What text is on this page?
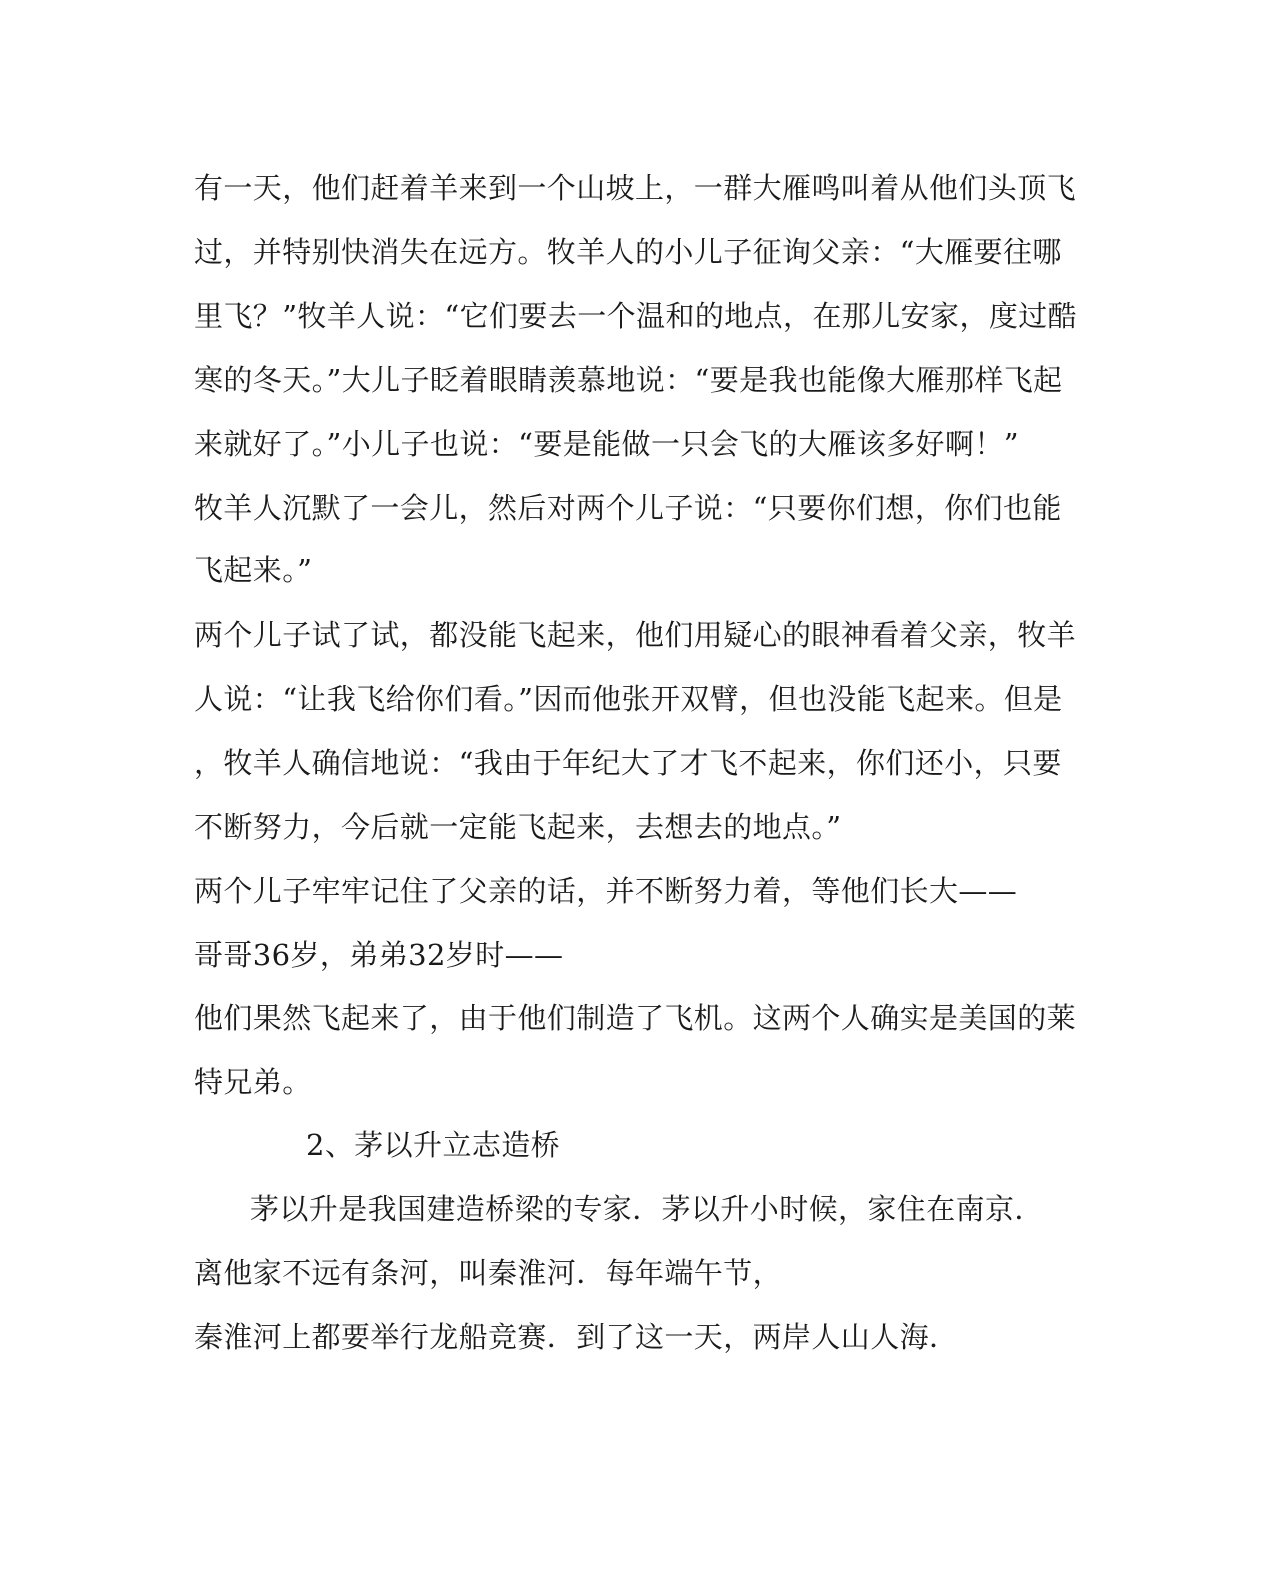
有一天，他们赶着羊来到一个山坡上，一群大雁鸣叫着从他们头顶飞
过，并特别快消失在远方。牧羊人的小儿子征询父亲：“大雁要往哪
里飞？”牧羊人说：“它们要去一个温和的地点，在那儿安家，度过酷
寒的冬天。”大儿子眨着眼睛羡慕地说：“要是我也能像大雁那样飞起
来就好了。”小儿子也说：“要是能做一只会飞的大雁该多好啊！”
牧羊人沉默了一会儿，然后对两个儿子说：“只要你们想，你们也能
飞起来。”
两个儿子试了试，都没能飞起来，他们用疑心的眼神看着父亲，牧羊
人说：“让我飞给你们看。”因而他张开双臂，但也没能飞起来。但是
，牧羊人确信地说：“我由于年纪大了才飞不起来，你们还小，只要
不断努力，今后就一定能飞起来，去想去的地点。”
两个儿子牢牢记住了父亲的话，并不断努力着，等他们长大——
哥哥36岁，弟弟32岁时——
他们果然飞起来了，由于他们制造了飞机。这两个人确实是美国的莱
特兄弟。
2、茅以升立志造桥
茅以升是我国建造桥梁的专家．茅以升小时候，家住在南京．
离他家不远有条河，叫秦淮河．每年端午节，
秦淮河上都要举行龙船竞赛．到了这一天，两岸人山人海．
